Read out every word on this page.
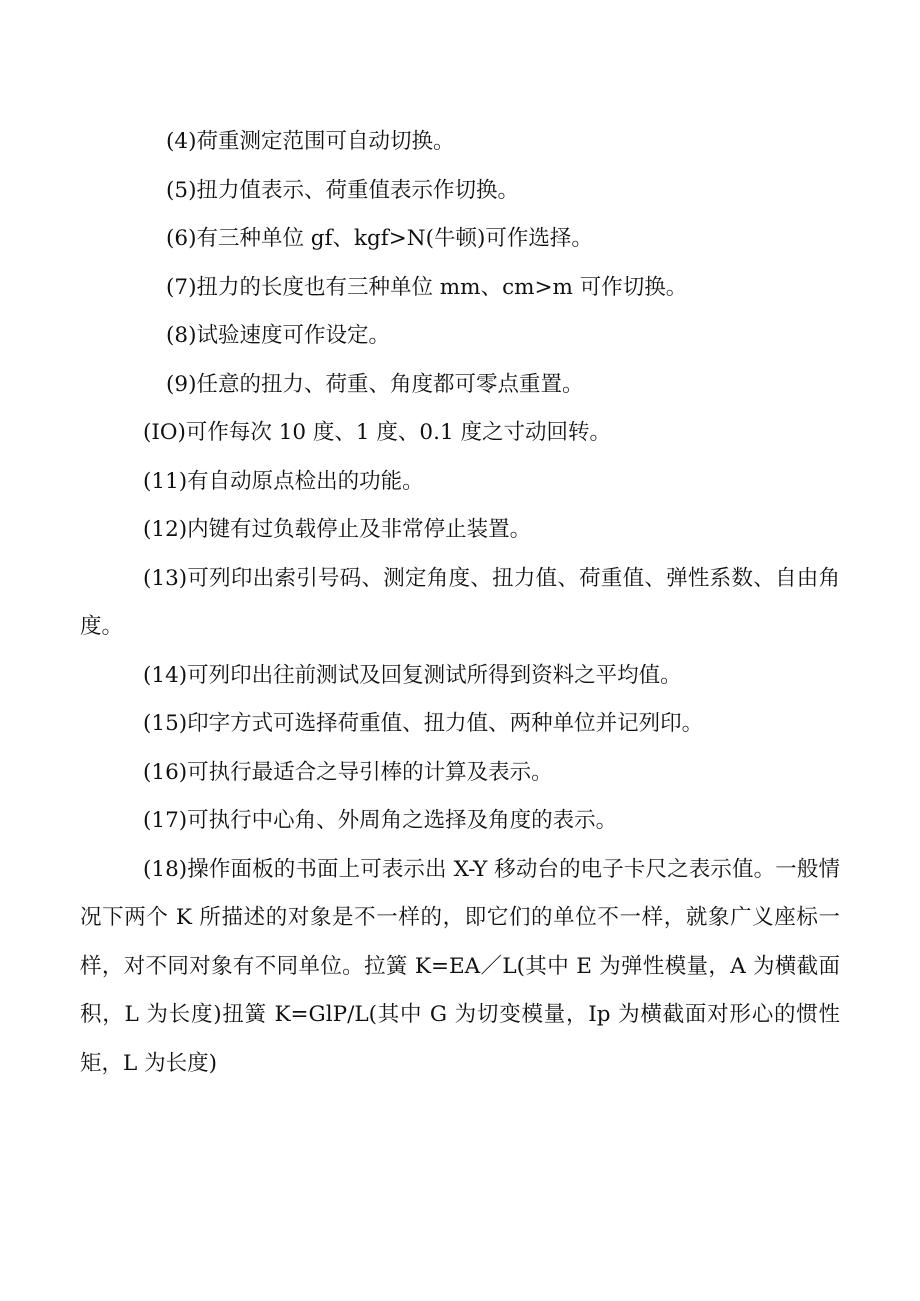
(4)荷重测定范围可自动切换。

(5)扭力值表示、荷重值表示作切换。

(6)有三种单位 gf、kgf>N(牛顿)可作选择。

(7)扭力的长度也有三种单位 mm、cm>m 可作切换。

(8)试验速度可作设定。

(9)任意的扭力、荷重、角度都可零点重置。

(IO)可作每次 10 度、1 度、0.1 度之寸动回转。

(11)有自动原点检出的功能。

(12)内键有过负载停止及非常停止装置。

(13)可列印出索引号码、测定角度、扭力值、荷重值、弹性系数、自由角度。

(14)可列印出往前测试及回复测试所得到资料之平均值。

(15)印字方式可选择荷重值、扭力值、两种单位并记列印。

(16)可执行最适合之导引棒的计算及表示。

(17)可执行中心角、外周角之选择及角度的表示。

(18)操作面板的书面上可表示出 X-Y 移动台的电子卡尺之表示值。一般情况下两个 K 所描述的对象是不一样的，即它们的单位不一样，就象广义座标一样，对不同对象有不同单位。拉簧 K=EA／L(其中 E 为弹性模量，A 为横截面积，L 为长度)扭簧 K=GlP/L(其中 G 为切变模量，Ip 为横截面对形心的惯性矩，L 为长度)
